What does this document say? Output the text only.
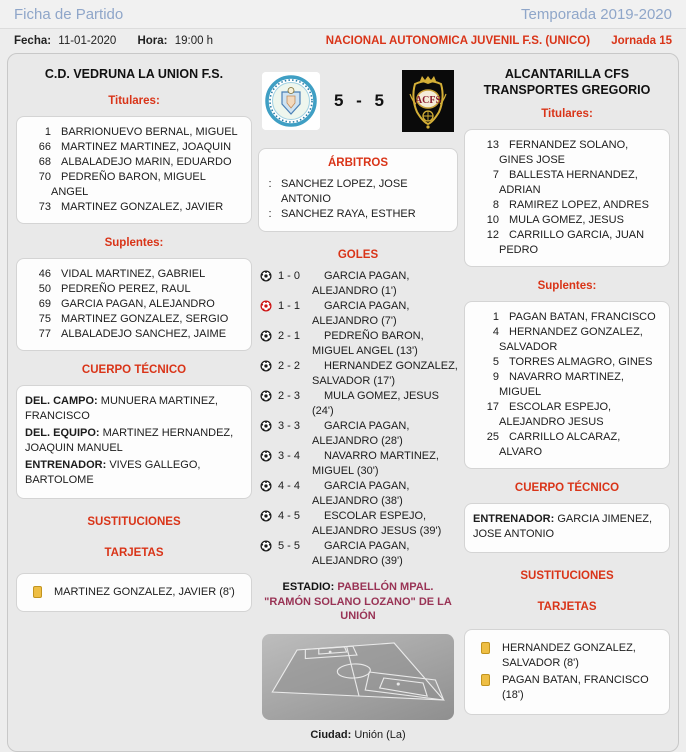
Ficha de Partido	Temporada 2019-2020
Fecha: 11-01-2020 Hora: 19:00 h	NACIONAL AUTONOMICA JUVENIL F.S. (UNICO) Jornada 15
C.D. VEDRUNA LA UNION F.S.
Titulares:
1 BARRIONUEVO BERNAL, MIGUEL
66 MARTINEZ MARTINEZ, JOAQUIN
68 ALBALADEJO MARIN, EDUARDO
70 PEDREÑO BARON, MIGUEL ANGEL
73 MARTINEZ GONZALEZ, JAVIER
Suplentes:
46 VIDAL MARTINEZ, GABRIEL
50 PEDREÑO PEREZ, RAUL
69 GARCIA PAGAN, ALEJANDRO
75 MARTINEZ GONZALEZ, SERGIO
77 ALBALADEJO SANCHEZ, JAIME
CUERPO TÉCNICO
DEL. CAMPO: MUNUERA MARTINEZ, FRANCISCO
DEL. EQUIPO: MARTINEZ HERNANDEZ, JOAQUIN MANUEL
ENTRENADOR: VIVES GALLEGO, BARTOLOME
SUSTITUCIONES
TARJETAS
MARTINEZ GONZALEZ, JAVIER (8')
5 - 5	ACFS
ÁRBITROS
: SANCHEZ LOPEZ, JOSE ANTONIO
: SANCHEZ RAYA, ESTHER
GOLES
1 - 0	GARCIA PAGAN, ALEJANDRO (1')
1 - 1	GARCIA PAGAN, ALEJANDRO (7')
2 - 1	PEDREÑO BARON, MIGUEL ANGEL (13')
2 - 2	HERNANDEZ GONZALEZ, SALVADOR (17')
2 - 3	MULA GOMEZ, JESUS (24')
3 - 3	GARCIA PAGAN, ALEJANDRO (28')
3 - 4	NAVARRO MARTINEZ, MIGUEL (30')
4 - 4	GARCIA PAGAN, ALEJANDRO (38')
4 - 5	ESCOLAR ESPEJO, ALEJANDRO JESUS (39')
5 - 5	GARCIA PAGAN, ALEJANDRO (39')
ESTADIO: PABELLÓN MPAL. "RAMÓN SOLANO LOZANO" DE LA UNIÓN
Ciudad: Unión (La)
ALCANTARILLA CFS TRANSPORTES GREGORIO
Titulares:
13 FERNANDEZ SOLANO, GINES JOSE
7 BALLESTA HERNANDEZ, ADRIAN
8 RAMIREZ LOPEZ, ANDRES
10 MULA GOMEZ, JESUS
12 CARRILLO GARCIA, JUAN PEDRO
Suplentes:
1 PAGAN BATAN, FRANCISCO
4 HERNANDEZ GONZALEZ, SALVADOR
5 TORRES ALMAGRO, GINES
9 NAVARRO MARTINEZ, MIGUEL
17 ESCOLAR ESPEJO, ALEJANDRO JESUS
25 CARRILLO ALCARAZ, ALVARO
CUERPO TÉCNICO
ENTRENADOR: GARCIA JIMENEZ, JOSE ANTONIO
SUSTITUCIONES
TARJETAS
HERNANDEZ GONZALEZ, SALVADOR (8')
PAGAN BATAN, FRANCISCO (18')
